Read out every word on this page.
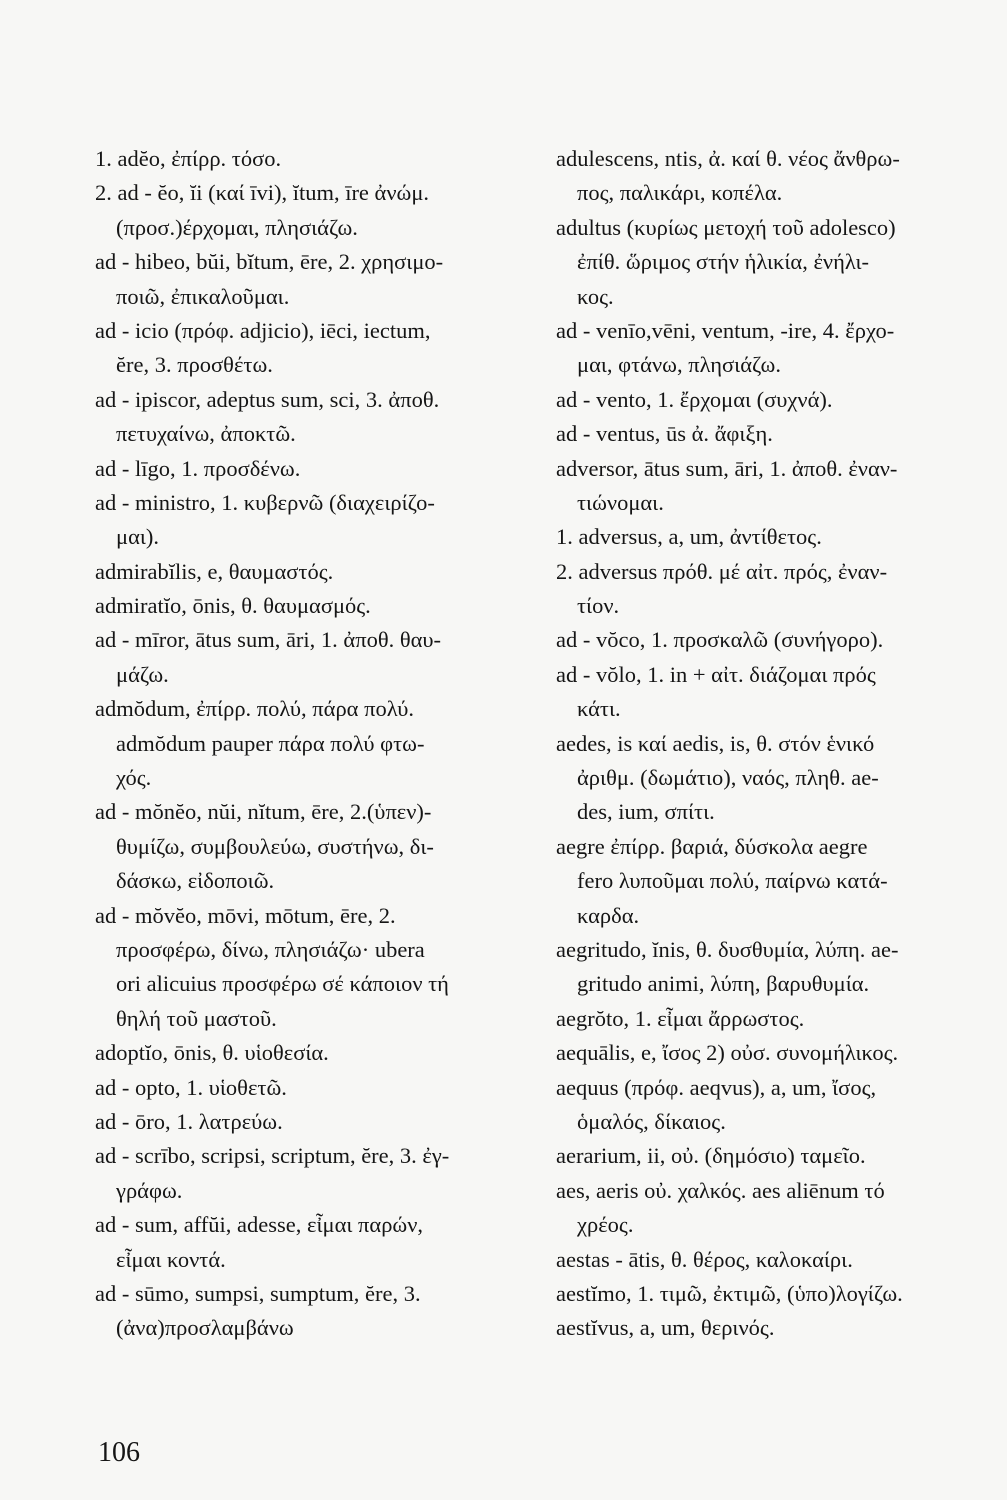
1. adĕo, ἐπίρρ. τόσο.
2. ad - ĕo, ĭi (καί īvi), ĭtum, īre ἀνώμ.
(προσ.)έρχομαι, πλησιάζω.
ad - hibeo, bŭi, bĭtum, ēre, 2. χρησιμο-
ποιῶ, ἐπικαλοῦμαι.
ad - icio (πρόφ. adjicio), iēci, iectum,
ĕre, 3. προσθέτω.
ad - ipiscor, adeptus sum, sci, 3. ἀποθ.
πετυχαίνω, ἀποκτῶ.
ad - līgo, 1. προσδένω.
ad - ministro, 1. κυβερνῶ (διαχειρίζο-
μαι).
admirabĭlis, e, θαυμαστός.
admiratĭo, ōnis, θ. θαυμασμός.
ad - mīror, ātus sum, āri, 1. ἀποθ. θαυ-
μάζω.
admŏdum, ἐπίρρ. πολύ, πάρα πολύ.
admŏdum pauper πάρα πολύ φτω-
χός.
ad - mŏnĕo, nŭi, nĭtum, ēre, 2.(ὑπεν)-
θυμίζω, συμβουλεύω, συστήνω, δι-
δάσκω, εἰδοποιῶ.
ad - mŏvĕo, mōvi, mōtum, ēre, 2.
προσφέρω, δίνω, πλησιάζω· ubera
ori alicuius προσφέρω σέ κάποιον τή
θηλή τοῦ μαστοῦ.
adoptĭo, ōnis, θ. υἱοθεσία.
ad - opto, 1. υἱοθετῶ.
ad - ōro, 1. λατρεύω.
ad - scrībo, scripsi, scriptum, ĕre, 3. ἐγ-
γράφω.
ad - sum, affŭi, adesse, εἶμαι παρών,
εἶμαι κοντά.
ad - sūmo, sumpsi, sumptum, ĕre, 3.
(ἀνα)προσλαμβάνω
adulescens, ntis, ἀ. καί θ. νέος ἄνθρω-
πος, παλικάρι, κοπέλα.
adultus (κυρίως μετοχή τοῦ adolesco)
ἐπίθ. ὥριμος στήν ἡλικία, ἐνήλι-
κος.
ad - venīo,vēni, ventum, -ire, 4. ἔρχο-
μαι, φτάνω, πλησιάζω.
ad - vento, 1. ἔρχομαι (συχνά).
ad - ventus, ūs ἀ. ἄφιξη.
adversor, ātus sum, āri, 1. ἀποθ. ἐναν-
τιώνομαι.
1. adversus, a, um, ἀντίθετος.
2. adversus πρόθ. μέ αἰτ. πρός, ἐναν-
τίον.
ad - vŏco, 1. προσκαλῶ (συνήγορο).
ad - vŏlo, 1. in + αἰτ. διάζομαι πρός
κάτι.
aedes, is καί aedis, is, θ. στόν ἑνικό
ἀριθμ. (δωμάτιο), ναός, πληθ. ae-
des, ium, σπίτι.
aegre ἐπίρρ. βαριά, δύσκολα aegre
fero λυποῦμαι πολύ, παίρνω κατά-
καρδα.
aegritudo, ĭnis, θ. δυσθυμία, λύπη. ae-
gritudo animi, λύπη, βαρυθυμία.
aegrŏto, 1. εἶμαι ἄρρωστος.
aequālis, e, ἴσος 2) οὐσ. συνομήλικος.
aequus (πρόφ. aeqvus), a, um, ἴσος,
ὁμαλός, δίκαιος.
aerarium, ii, οὐ. (δημόσιο) ταμεῖο.
aes, aeris οὐ. χαλκός. aes aliēnum τό
χρέος.
aestas - ātis, θ. θέρος, καλοκαίρι.
aestĭmo, 1. τιμῶ, ἐκτιμῶ, (ὑπο)λογίζω.
aestĭvus, a, um, θερινός.
106
